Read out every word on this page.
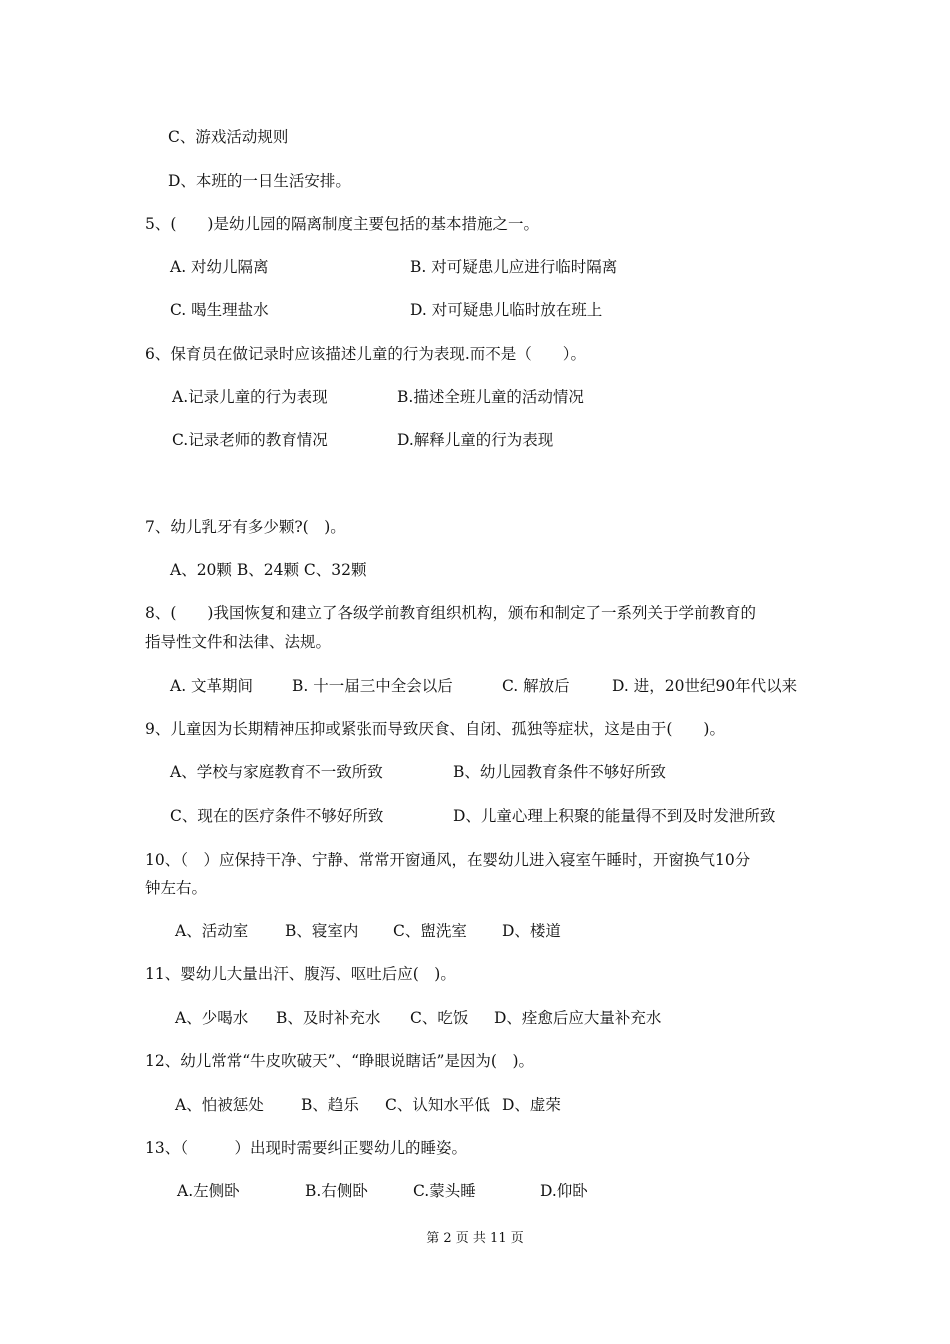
C、游戏活动规则
D、本班的一日生活安排。
5、(　　)是幼儿园的隔离制度主要包括的基本措施之一。
A. 对幼儿隔离	B. 对可疑患儿应进行临时隔离
C. 喝生理盐水	D. 对可疑患儿临时放在班上
6、保育员在做记录时应该描述儿童的行为表现.而不是（　　）。
A.记录儿童的行为表现	B.描述全班儿童的活动情况
C.记录老师的教育情况	D.解释儿童的行为表现
7、幼儿乳牙有多少颗?(　)。
A、20颗 B、24颗 C、32颗
8、(　　)我国恢复和建立了各级学前教育组织机构，颁布和制定了一系列关于学前教育的
指导性文件和法律、法规。
A. 文革期间	B. 十一届三中全会以后	C. 解放后	D. 进，20世纪90年代以来
9、儿童因为长期精神压抑或紧张而导致厌食、自闭、孤独等症状，这是由于(　　)。
A、学校与家庭教育不一致所致	B、幼儿园教育条件不够好所致
C、现在的医疗条件不够好所致	D、儿童心理上积聚的能量得不到及时发泄所致
10、（　）应保持干净、宁静、常常开窗通风，在婴幼儿进入寝室午睡时，开窗换气10分
钟左右。
A、活动室 B、寝室内 C、盥洗室 D、楼道
11、婴幼儿大量出汗、腹泻、呕吐后应(　)。
A、少喝水 B、及时补充水 C、吃饭 D、痊愈后应大量补充水
12、幼儿常常“牛皮吹破天”、“睁眼说瞎话”是因为(　)。
A、怕被惩处 B、趋乐 C、认知水平低 D、虚荣
13、（　　　）出现时需要纠正婴幼儿的睡姿。
A.左侧卧	B.右侧卧	C.蒙头睡	D.仰卧
第 2 页 共 11 页
